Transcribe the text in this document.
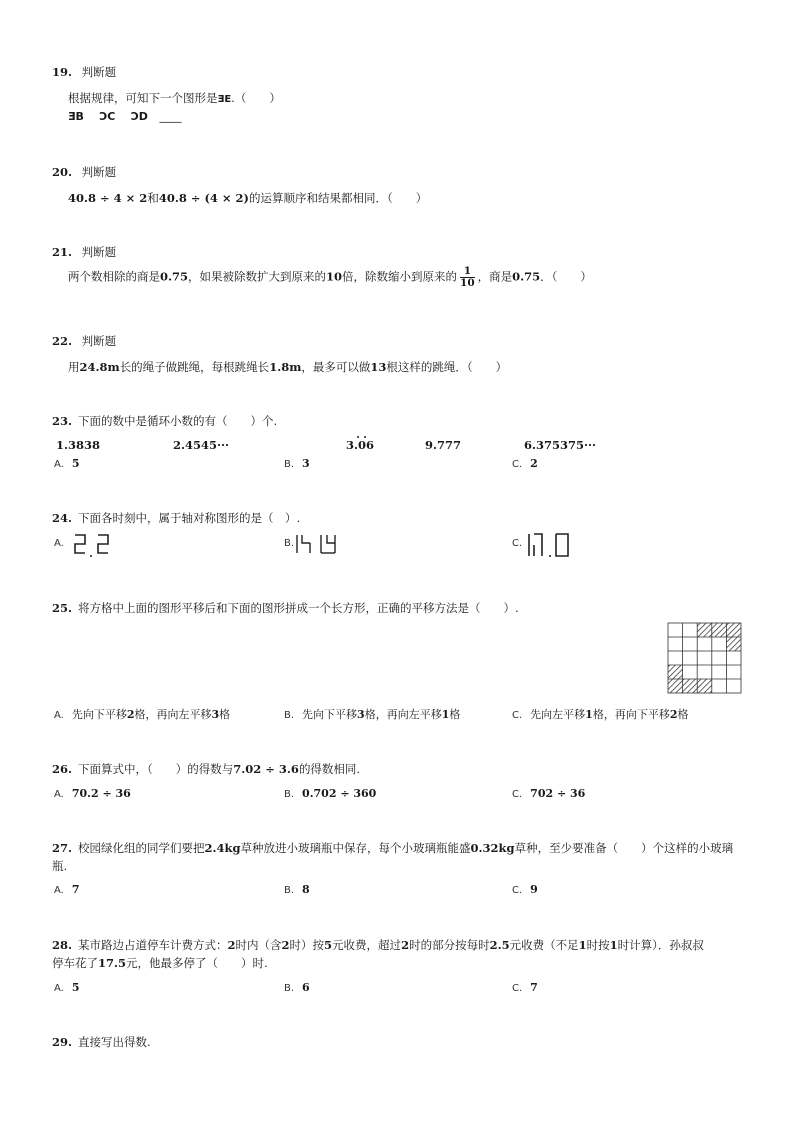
19. 判断题
根据规律，可知下一个图形是ƎE.（　　）
ƎB ƆC ƆD ____
20. 判断题
40.8 ÷ 4 × 2和40.8 ÷ (4 × 2)的运算顺序和结果都相同．（　　）
21. 判断题
两个数相除的商是0.75，如果被除数扩大到原来的10倍，除数缩小到原来的 $\frac{1}{10}$ ，商是0.75．（　　）
22. 判断题
用24.8m长的绳子做跳绳，每根跳绳长1.8m，最多可以做13根这样的跳绳．（　　）
23. 下面的数中是循环小数的有（　　）个.
1.3838	2.4545···	3.06	9.777	6.375375···
A. 5	B. 3	C. 2
24. 下面各时刻中，属于轴对称图形的是（　）.
A.	B.	C.
25. 将方格中上面的图形平移后和下面的图形拼成一个长方形，正确的平移方法是（　　）.
A. 先向下平移2格，再向左平移3格	B. 先向下平移3格，再向左平移1格	C. 先向左平移1格，再向下平移2格
26. 下面算式中，（　　）的得数与7.02 ÷ 3.6的得数相同.
A. 70.2 ÷ 36	B. 0.702 ÷ 360	C. 702 ÷ 36
27. 校园绿化组的同学们要把2.4kg草种放进小玻璃瓶中保存，每个小玻璃瓶能盛0.32kg草种，至少要准备（　　）个这样的小玻璃
瓶.
A. 7	B. 8	C. 9
28. 某市路边占道停车计费方式：2时内（含2时）按5元收费，超过2时的部分按每时2.5元收费（不足1时按1时计算）．孙叔叔
停车花了17.5元，他最多停了（　　）时.
A. 5	B. 6	C. 7
29. 直接写出得数.
